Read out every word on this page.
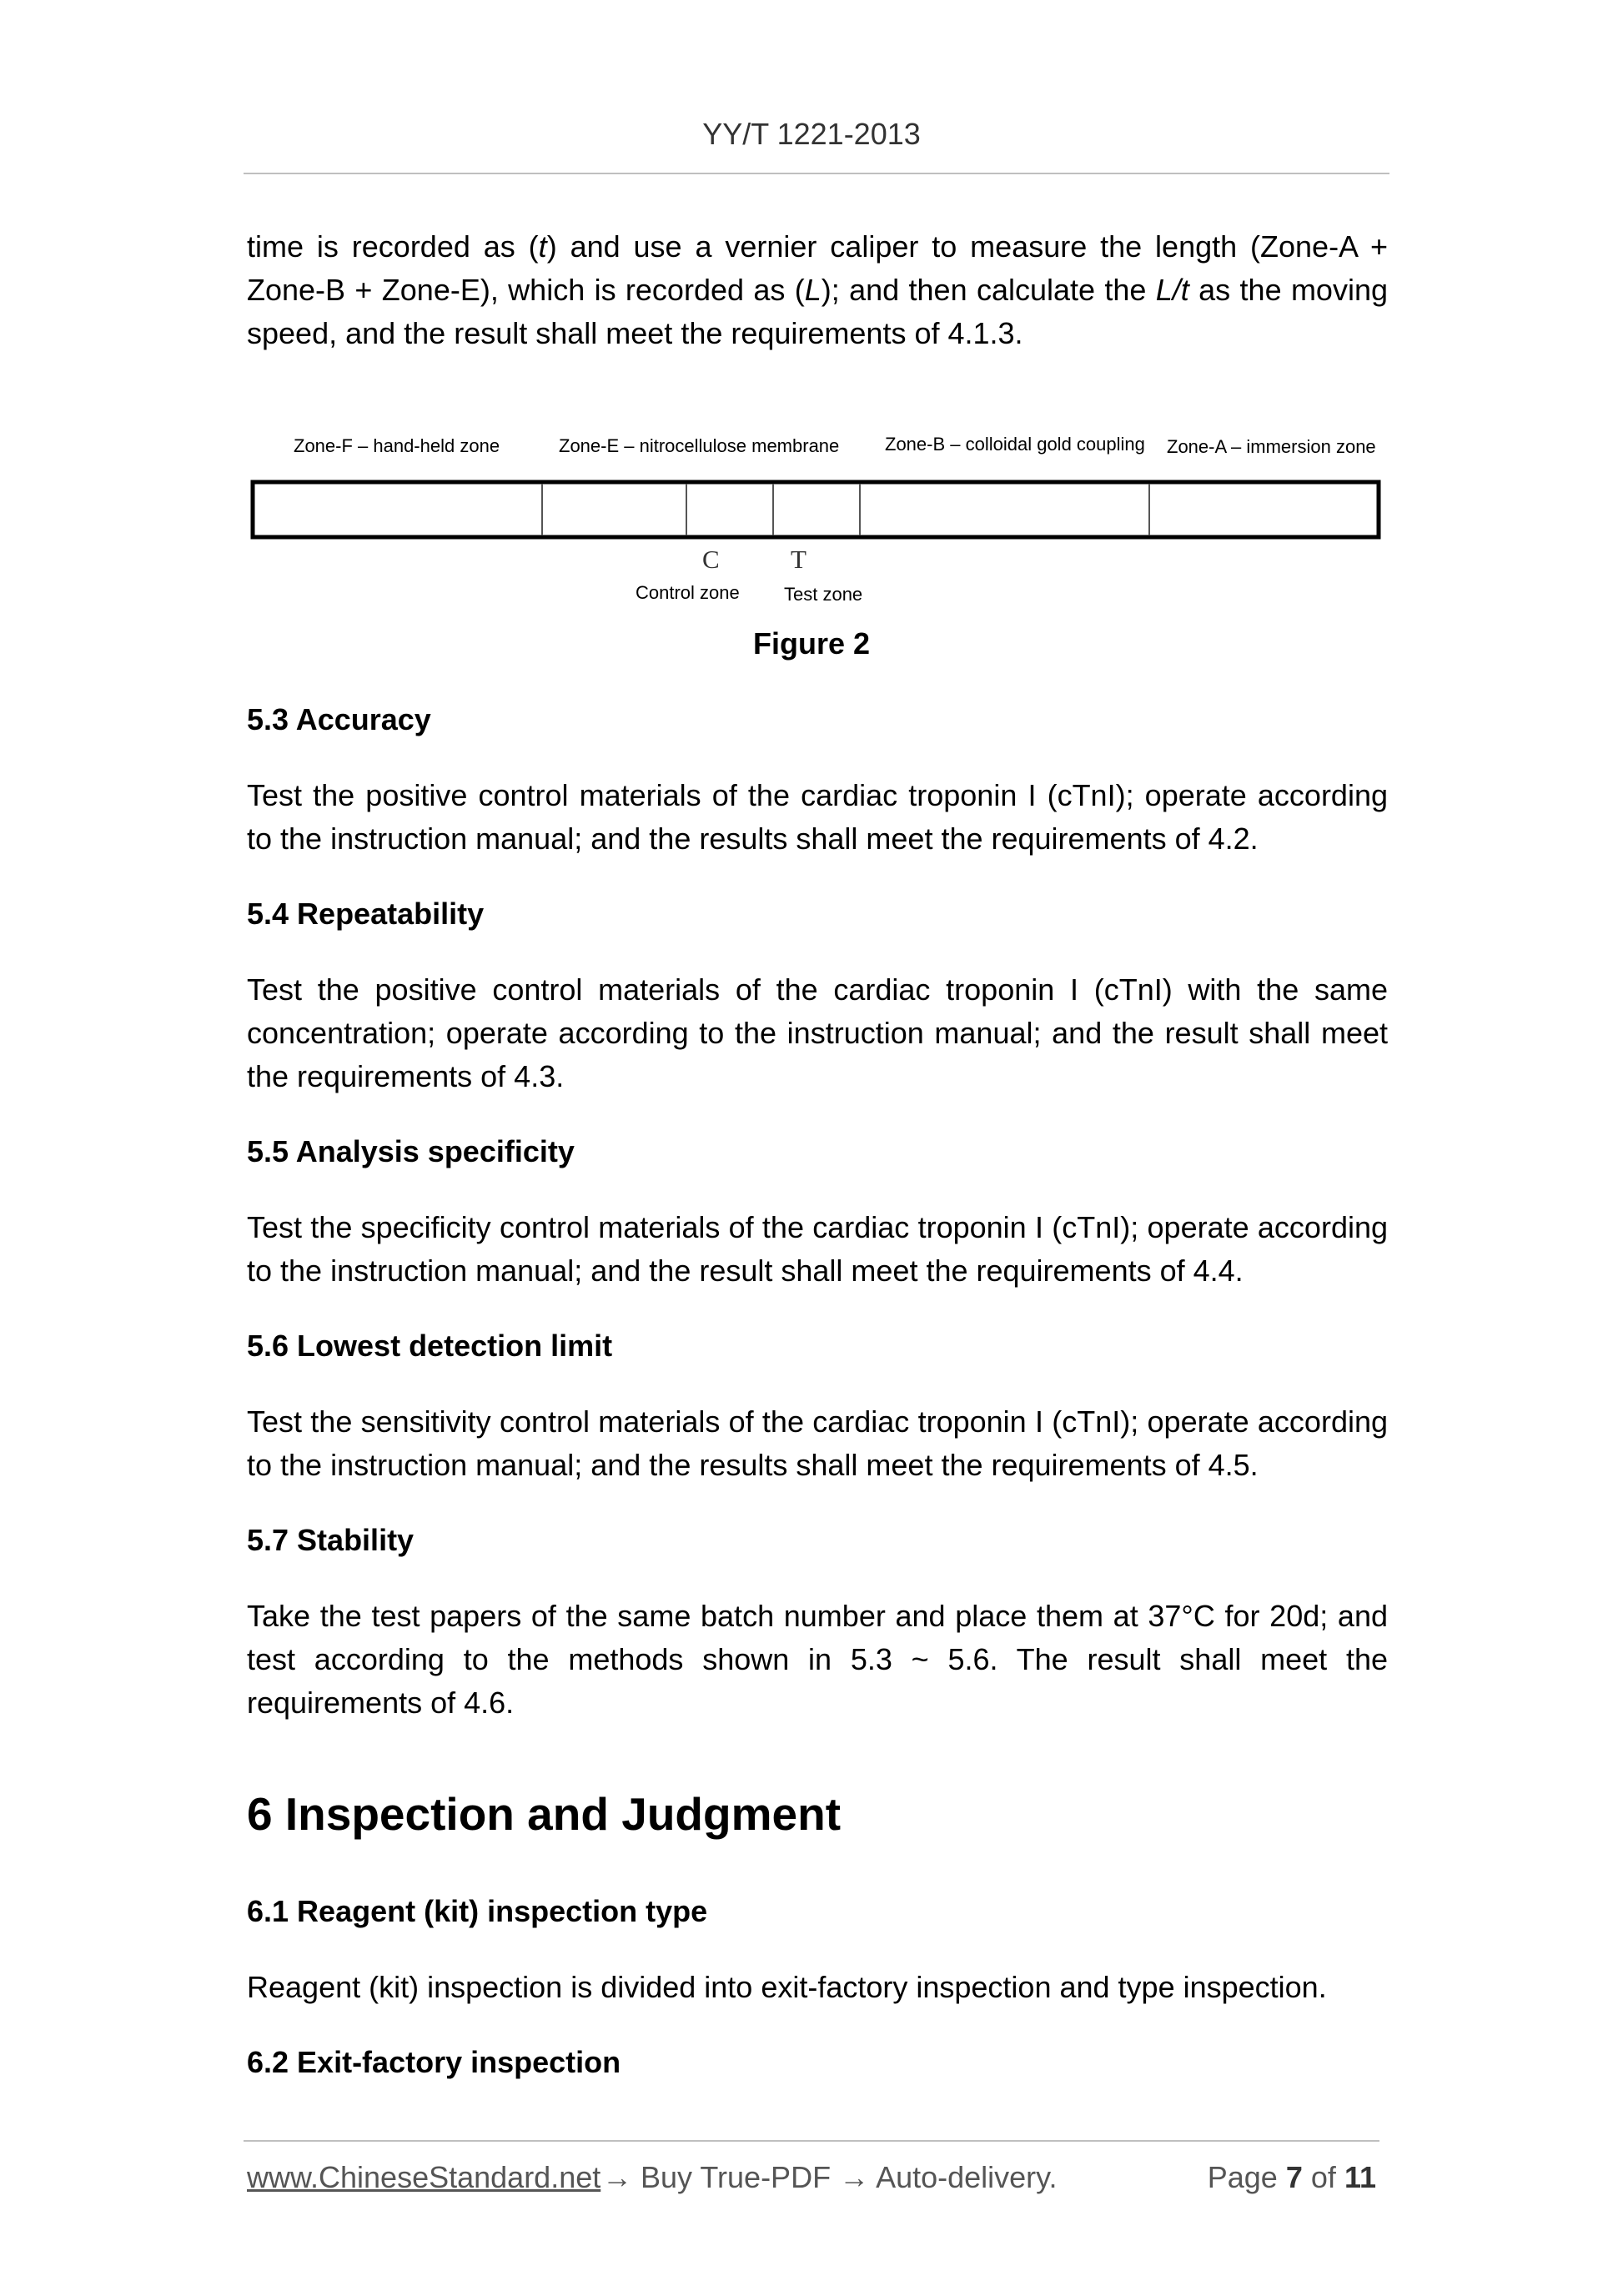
YY/T 1221-2013

time is recorded as (t) and use a vernier caliper to measure the length (Zone-A + Zone-B + Zone-E), which is recorded as (L); and then calculate the L/t as the moving speed, and the result shall meet the requirements of 4.1.3.

Zone-F – hand-held zone	Zone-E – nitrocellulose membrane Zone-B – colloidal gold coupling Zone-A – immersion zone
C	T
Control zone Test zone
Figure 2
5.3 Accuracy

Test the positive control materials of the cardiac troponin I (cTnI); operate according to the instruction manual; and the results shall meet the requirements of 4.2.

5.4 Repeatability

Test the positive control materials of the cardiac troponin I (cTnI) with the same concentration; operate according to the instruction manual; and the result shall meet the requirements of 4.3.

5.5 Analysis specificity

Test the specificity control materials of the cardiac troponin I (cTnI); operate according to the instruction manual; and the result shall meet the requirements of 4.4.

5.6 Lowest detection limit

Test the sensitivity control materials of the cardiac troponin I (cTnI); operate according to the instruction manual; and the results shall meet the requirements of 4.5.

5.7 Stability

Take the test papers of the same batch number and place them at 37°C for 20d; and test according to the methods shown in 5.3 ~ 5.6. The result shall meet the requirements of 4.6.

6 Inspection and Judgment
6.1 Reagent (kit) inspection type

Reagent (kit) inspection is divided into exit-factory inspection and type inspection.

6.2 Exit-factory inspection
www.ChineseStandard.net → Buy True-PDF → Auto-delivery.	Page 7 of 11
